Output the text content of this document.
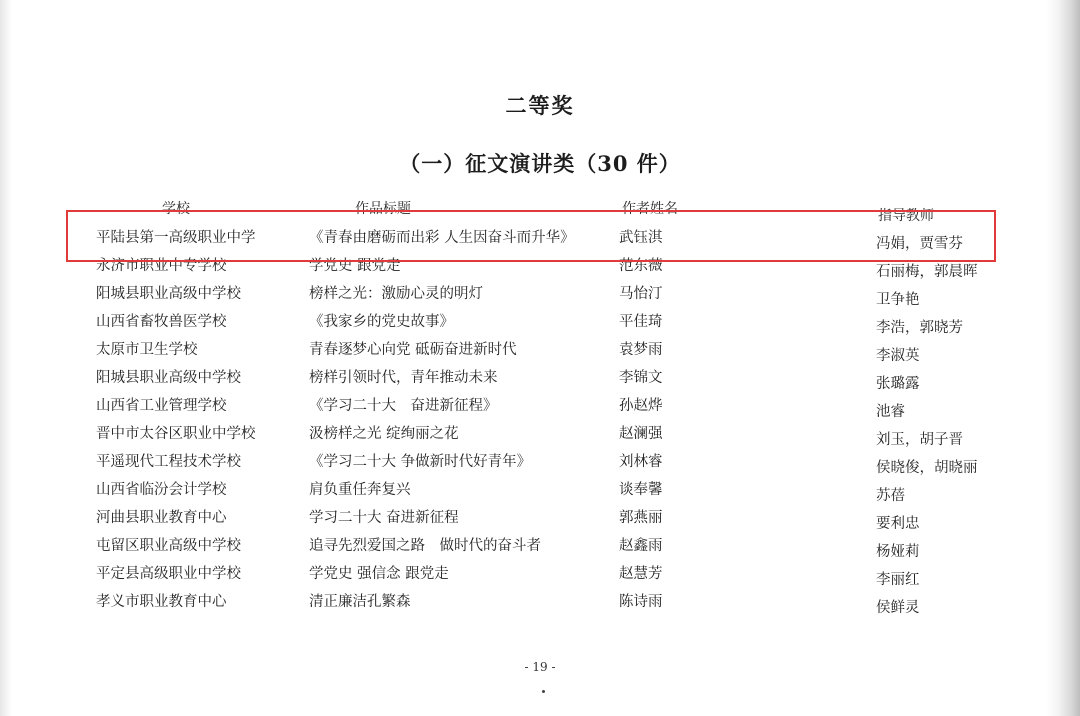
二等奖
（一）征文演讲类（30 件）
学校	作品标题	作者姓名	指导教师
平陆县第一高级职业中学	《青春由磨砺而出彩 人生因奋斗而升华》	武钰淇	冯娟，贾雪芬
永济市职业中专学校	学党史 跟党走	范东薇	石丽梅，郭晨晖
阳城县职业高级中学校	榜样之光：激励心灵的明灯	马怡汀	卫争艳
山西省畜牧兽医学校	《我家乡的党史故事》	平佳琦	李浩，郭晓芳
太原市卫生学校	青春逐梦心向党 砥砺奋进新时代	袁梦雨	李淑英
阳城县职业高级中学校	榜样引领时代，青年推动未来	李锦文	张璐露
山西省工业管理学校	《学习二十大　奋进新征程》	孙赵烨	池睿
晋中市太谷区职业中学校	汲榜样之光 绽绚丽之花	赵澜强	刘玉，胡子晋
平遥现代工程技术学校	《学习二十大 争做新时代好青年》	刘林睿	侯晓俊，胡晓丽
山西省临汾会计学校	肩负重任奔复兴	谈奉馨	苏蓓
河曲县职业教育中心	学习二十大 奋进新征程	郭燕丽	要利忠
屯留区职业高级中学校	追寻先烈爱国之路　做时代的奋斗者	赵鑫雨	杨娅莉
平定县高级职业中学校	学党史 强信念 跟党走	赵慧芳	李丽红
孝义市职业教育中心	清正廉洁孔繁森	陈诗雨	侯鲜灵
- 19 -
